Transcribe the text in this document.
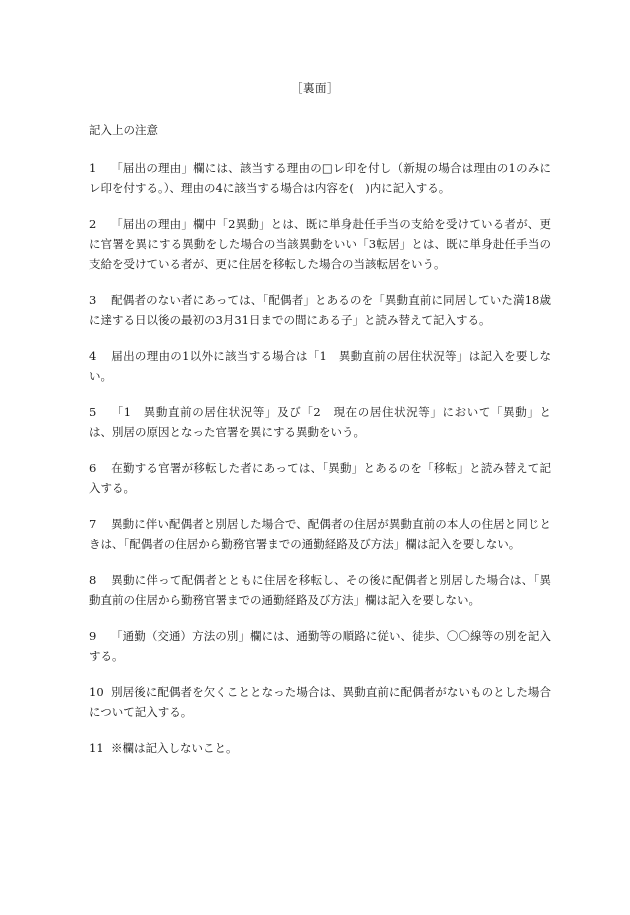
［裏面］
記入上の注意
1 「届出の理由」欄には、該当する理由の□レ印を付し（新規の場合は理由の1のみにレ印を付する。）、理由の4に該当する場合は内容を(　)内に記入する。
2 「届出の理由」欄中「2異動」とは、既に単身赴任手当の支給を受けている者が、更に官署を異にする異動をした場合の当該異動をいい「3転居」とは、既に単身赴任手当の支給を受けている者が、更に住居を移転した場合の当該転居をいう。
3 配偶者のない者にあっては、「配偶者」とあるのを「異動直前に同居していた満18歳に達する日以後の最初の3月31日までの間にある子」と読み替えて記入する。
4 届出の理由の1以外に該当する場合は「1　異動直前の居住状況等」は記入を要しない。
5 「1　異動直前の居住状況等」及び「2　現在の居住状況等」において「異動」とは、別居の原因となった官署を異にする異動をいう。
6 在勤する官署が移転した者にあっては、「異動」とあるのを「移転」と読み替えて記入する。
7 異動に伴い配偶者と別居した場合で、配偶者の住居が異動直前の本人の住居と同じときは、「配偶者の住居から勤務官署までの通勤経路及び方法」欄は記入を要しない。
8 異動に伴って配偶者とともに住居を移転し、その後に配偶者と別居した場合は、「異動直前の住居から勤務官署までの通勤経路及び方法」欄は記入を要しない。
9 「通勤（交通）方法の別」欄には、通勤等の順路に従い、徒歩、〇〇線等の別を記入する。
10 別居後に配偶者を欠くこととなった場合は、異動直前に配偶者がないものとした場合について記入する。
11 ※欄は記入しないこと。
